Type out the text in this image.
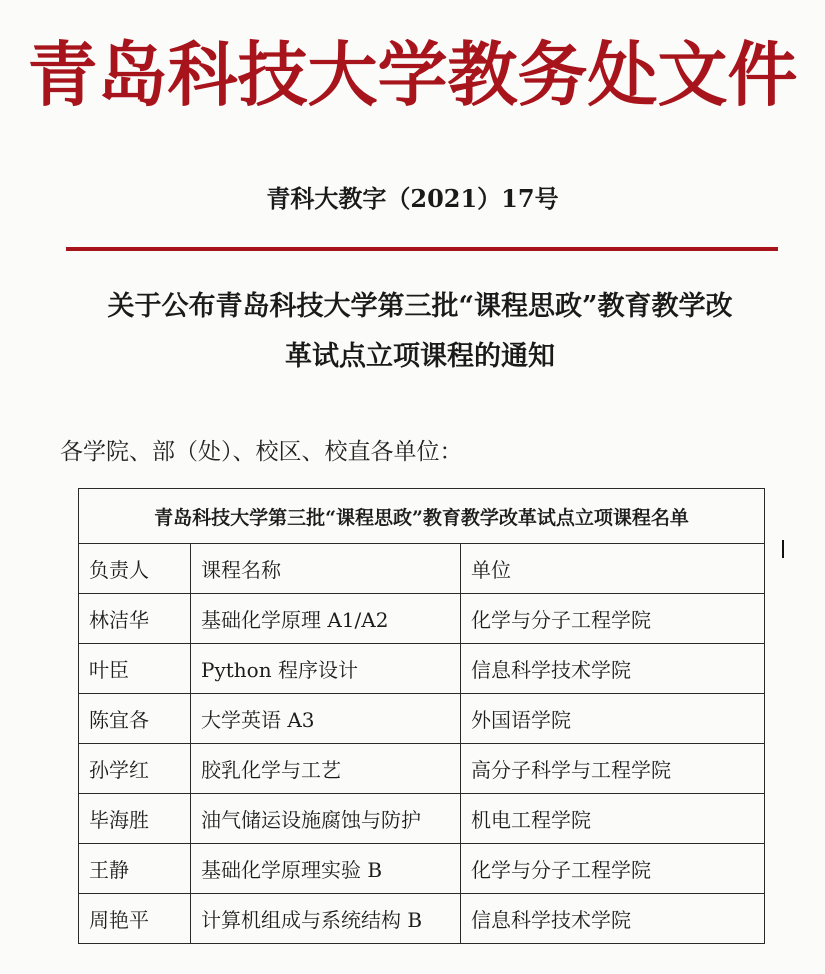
青岛科技大学教务处文件
青科大教字（2021）17号
关于公布青岛科技大学第三批“课程思政”教育教学改
革试点立项课程的通知
各学院、部（处）、校区、校直各单位：
青岛科技大学第三批“课程思政”教育教学改革试点立项课程名单		
负责人	课程名称	单位
林洁华	基础化学原理 A1/A2	化学与分子工程学院
叶臣	Python 程序设计	信息科学技术学院
陈宜各	大学英语 A3	外国语学院
孙学红	胶乳化学与工艺	高分子科学与工程学院
毕海胜	油气储运设施腐蚀与防护	机电工程学院
王静	基础化学原理实验 B	化学与分子工程学院
周艳平	计算机组成与系统结构 B	信息科学技术学院
